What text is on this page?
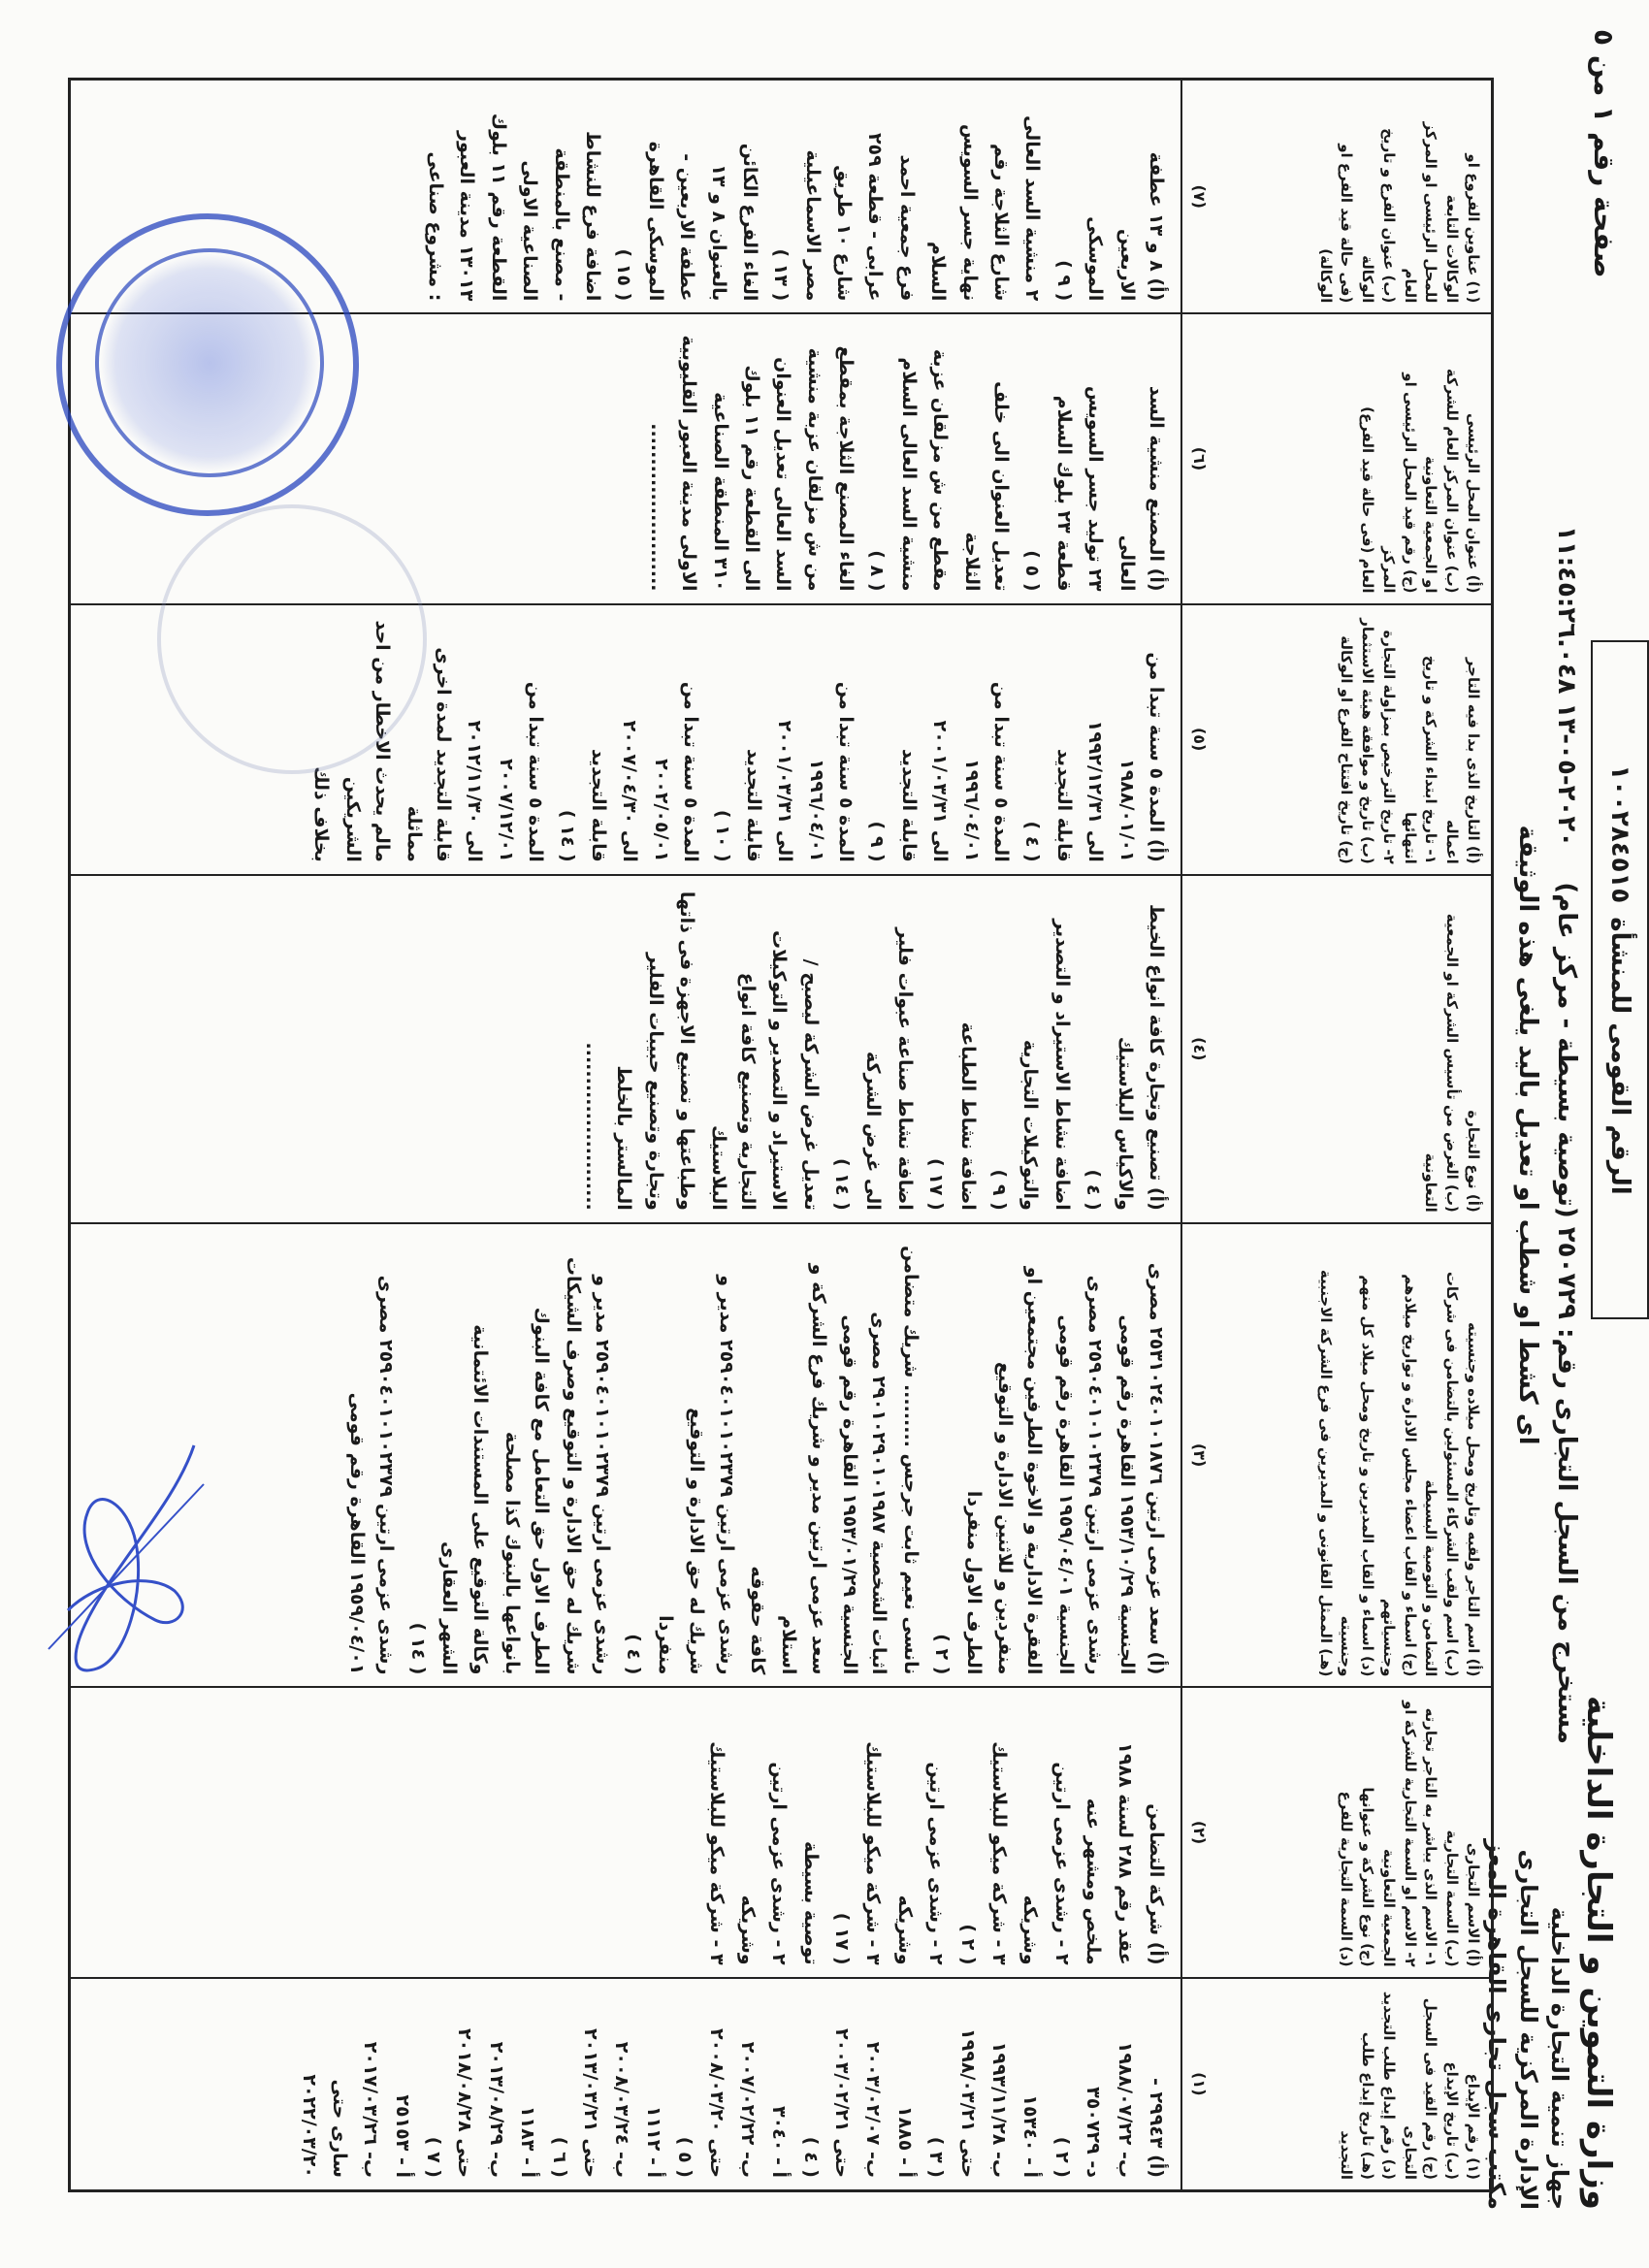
وزارة التموين و التجارة الداخلية
جهاز تنمية التجارة الداخلية
الإدارة المركزية للسجل التجارى
مكتب سجل تجارى القاهرة المعز
صفحة رقم ١ من ٥
الرقم القومى للمنشأة
١٠٠٢٨٤٥١٥
مستخرج من السجل التجارى رقم: ٢٥٠٧٢٩ (توصية بسيطة - مركز عام)    ٢٠٢٠-٠٥-١٣ ١١:٤٥:٢٦.٠٤٨
اى كشط او شطب او تعديل باليد يلغى هذه الوثيقة
(١) رقم الإيداع
(ب) تاريخ الإيداع
(ج) رقم القيد فى السجل التجارى
(د) رقم إيداع طلب التجديد
(هـ) تاريخ إيداع طلب التجديد
(١)
(أ) ٢٩٩٤٣ -
ب- ١٩٨٨/٠٧/٢٢
د- ٣٥٠٧٢٩
( ٢ )
أ - ١٥٣٤٠
ب- ١٩٩٣/١١/٢٨
حتى ١٩٩٨/٠٣/٢١
( ٣ )
أ - ١٨٨٥
ب- ٢٠٠٣/٠٢/٠٧
حتى ٢٠٠٣/٠٢/٢١
( ٤ )
أ - ٣٠٤٠
ب- ٢٠٠٧/٠٢/٢٢
حتى ٢٠٠٨/٠٣/٢٠
( ٥ )
أ - ١١١٢
ب- ٢٠٠٨/٠٣/٢٤
حتى ٢٠١٣/٠٣/٢١
( ٦ )
أ - ١١٨٣
ب- ٢٠١٣/٠٨/٢٩
حتى ٢٠١٨/٠٨/٢٨
( ٧ )
أ - ٢٥١٥٣
ب- ٢٠١٧/٠٣/٢٦
سارى حتى ٢٠٢٢/٠٣/٢٠
(أ) الاسم التجارى
(ب) السمة التجارية
١- الاسم الذى يباشر به التاجر تجارته
٢- الاسم او السمة التجارية للشركة او الجمعية التعاونية
(ج) نوع الشركة و عنوانها
(د) السمة التجارية للفرع
(٢)
(أ) شركة التضامن
عقد رقم ٢٨٨ لسنة ١٩٨٨
ملخص ومشهر عنه
٢ - رشدى عزمى ارتين
وشريكه
٣ - شركة ميكو للبلاستيك
( ٢ )
٢ - رشدى عزمى ارتين
وشريكه
٣ - شركة ميكو للبلاستيك
( ١٧ )
توصية بسيطة
٢ - رشدى عزمى ارتين
وشريكه
٣ - شركة ميكو للبلاستيك
(أ) اسم التاجر ولقبه وتاريخ ومحل ميلاده وجنسيته
(ب) اسم ولقب الشركاء المسئولين بالتضامن فى شركات التضامن و التوصية البسيطة
(ج) اسماء و القاب اعضاء مجلس الادارة و تواريخ ميلادهم وجنسياتهم
(د) اسماء و القاب المديرين و تاريخ ومحل ميلاد كل منهم وجنسيته
(هـ) الممثل القانونى و المديرين فى فرع الشركة الاجنبية
(٣)
(أ) سعد عزمى ارتين ٢٥٣١٠٢٤٠١٠١٨٧٦ مصرى الجنسية ١٩٥٣/١٠/٢٩ القاهرة رقم قومى
رشدى عزمى ارتين ٢٥٩٠٤٠١٠١٠٢٣٧٩ مصرى الجنسية ١٩٥٩/٠٤/٠١ القاهرة رقم قومى
الفقرة الادارية و الاخوة الطرفين مجتمعين او منفردين و للاثنين الادارة و التوقيع
الطرف الاول منفردا
( ٢ )
نانسى نعيم ثابت جرجس ......... شريك متضامن
اثبات الشخصية ٢٩٠١٠٢٩٠١٠١٩٨٧ مصرى الجنسية ١٩٥٣/٠١/٢٩ القاهرة رقم قومى
سعد عزمى ارتين مدير و شريك فرع الشركة و استلام
كافة حقوقه
رشدى عزمى ارتين ٢٥٩٠٤٠١٠١٠٢٣٧٩ مدير و شريك له حق الادارة و التوقيع
منفردا
( ٤ )
رشدى عزمى ارتين ٢٥٩٠٤٠١٠١٠٢٣٧٩ مدير و شريك له حق الادارة و التوقيع وصرف الشيكات
الطرف الاول حق التعامل مع كافة البنوك بانواعها بالبنوك كذا مصلحة
وكالة التوقيع على المستندات الائتمانية
الشهر العقارى
( ١٤ )
رشدى عزمى ارتين ٢٥٩٠٤٠١٠١٠٢٣٧٩ مصرى ١٩٥٩/٠٤/٠١ القاهرة رقم قومى
(أ) نوع التجارة
(ب) الغرض من تأسيس الشركة او الجمعية التعاونية
(٤)
(أ) تصنيع وتجارة كافة انواع الخيط
والاكياس البلاستيك
( ٤ )
اضافة نشاط الاستيراد و التصدير
والتوكيلات التجارية
( ٩ )
اضافة نشاط الطباعة
( ١٧ )
اضافة نشاط صناعة عبوات فلير
الى غرض الشركة
( ١٤ )
تعديل غرض الشركة ليصبح /
الاستيراد و التصدير و التوكيلات
التجارية وتصنيع كافة انواع البلاستيك
وطباعتها و تصنيع الاجهزة فى ذاتها
وتجارة وتصنيع حبيبات الفلير
المالستر بالخلط
........................
(أ) التاريخ الذى بدا فيه التاجر اعماله
١- تاريخ ابتداء الشركة و تاريخ انتهائها
٢- تاريخ الترخيص بمزاولة التجارة
(ب) تاريخ و موافقة هيئة الاستثمار
(ج) تاريخ افتتاح الفرع او الوكالة
(٥)
(أ) المدة ٥ سنة تبدا من ١٩٨٨/٠١/٠١
الى ١٩٩٢/١٢/٣١
قابلة التجديد
( ٤ )
المدة ٥ سنة تبدا من ١٩٩٦/٠٤/٠١
الى ٢٠٠١/٠٣/٣١
قابلة التجديد
( ٩ )
المدة ٥ سنة تبدا من ١٩٩٦/٠٤/٠١
الى ٢٠٠١/٠٣/٣١
قابلة التجديد
( ١٠ )
المدة ٥ سنة تبدا من ٢٠٠٢/٠٥/٠١
الى ٢٠٠٧/٠٤/٣٠
قابلة التجديد
( ١٤ )
المدة ٥ سنة تبدا من ٢٠٠٧/١٢/٠١
الى ٢٠١٢/١١/٣٠
قابلة التجديد لمدة اخرى مماثلة
مالم يحدث الاخطار من احد الشريكين
بخلاف ذلك
(أ) عنوان المحل الرئيسى
(ب) عنوان المركز العام للشركة
او الجمعية التعاونية
(ج) رقم قيد المحل الرئيسى او المركز
العام (فى حالة قيد الفرع)
(٦)
(أ) المصنع منشية السد العالى
٢٣ توليد جسر السويس
قطعة ٢٣ بلوك السلام
( ٥ )
تعديل العنوان الى خلف الثلاجة
مقطع من ش مزلقان عزبة
منشية السد العالى السلام
( ٨ )
الغاء المصنع الثلاجة بمقطع
من ش مزلقان عزبة منشية
السد العالى تعديل العنوان
الى القطعة رقم ١١ بلوك
٣١٠ المنطقة الصناعية
الاولى مدينة العبور القليوبية
........................
(١) عناوين الفروع او الوكالات التابعة
للمحل الرئيسى او المركز العام
(ب) عنوان الفرع و تاريخ الوكالة
(فى حالة قيد الفرع او الوكالة)
(٧)
(أ) ٨ و ١٣ عطفة الاربعين
الموسكى
( ٩ )
٢ منشية السد العالى
شارع الثلاجة رقم
نهاية جسر السويس
السلام
فرع جمعية احمد
عرابى - قطعة ٢٥٩
شارع ١٠ طريق
مصر الاسماعيلية
( ١٣ )
الغاء الفرع الكائن
بالعنوان ٨ و ١٣
عطفة الاربعين -
الموسكى القاهرة
( ١٥ )
اضافة فرع للنشاط
- مصنع بالمنطقة
الصناعية الاولى
القطعة رقم ١١ بلوك
١٣٠١٣ مدينة العبور
: مشروع صناعى
